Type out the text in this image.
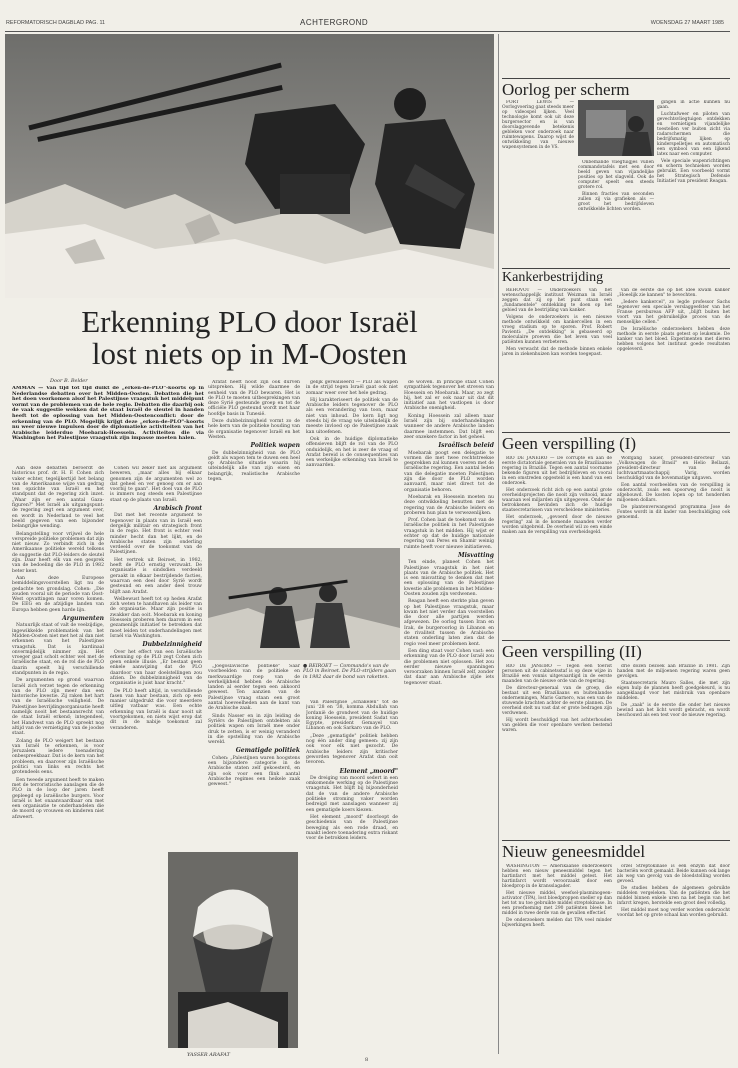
REFORMATORISCH DAGBLAD PAG. 11	ACHTERGROND	WOENSDAG 27 MAART 1985
Erkenning PLO door Israël
lost niets op in M-Oosten
Door B. Belder
AMMAN — Van tijd tot tijd duikt de „erken-de-PLO"-koorts op in Nederlandse debatten over het Midden-Oosten. Debatten die het het doen voorkomen alsof het Palestijnse vraagstuk het middelpunt vormt van de problemen van de hele regio. Debatten die daarbij ook de vaak suggestie wekken dat de staat Israël de sleutel in handen heeft tot de oplossing van het Midden-Oostenconflict: door de erkenning van de PLO. Mogelijk krijgt deze „erken-de-PLO"-koorts nu weer nieuwe impulsen door de diplomatieke activiteiten van het Arabische leiderduo Moebarak-Hoessein. Activiteiten die via Washington het Palestijnse vraagstuk zijn impasse moeten halen.

Aan deze debatten beroerdt de historicus prof. dr. H. F. Cohen zich vaker echter, tegelijkertijd het belang van de Amerikaanse wijze van gedrag ten opzichte van Israël en het standpunt dat de regering zich inzet. „Waar zijn er een aantal Gaza-figuren?" Met Israël als uitgangspunt: de regering zegt een argument over, en wordt in Nederland te veel het beeld gegeven van een bijzonder belangrijke wending.

Belangstelling voor vrijwel de hele verspreide politieke problemen dat zijn niet nieuw. Zo verbindt zich in de Amerikaanse politieke wereld telkens de suggestie dat PLO-leiders de sleutel zijn. Daar heeft elk van een gesprek van de bedoeling die de PLO in 1982 beter kent.

Aan deze Europese bemiddelingsvoorstellen ligt nu de gedachte ten grondslag. Cohen: „Die zouden vooral uit de periode van Oost-West opvattingen naar voren komen. De EEG en de afzijdige landen van Europa hebben geen harde lijn.

Argumenten

Natuurlijk staat of valt de veelzijdige, ingewikkelde problematiek van het Midden-Oosten niet met het al dan niet erkennen van het Palestijnse vraagstuk. Dat is kardinaal onvermijdelijk nimmer zijn. Het vroeger gaat scholt echter wel met de Israëlische staat, en de rol die de PLO daarin speelt bij verschillende standpunten in de regio.

De argumenten op grond waarvan Israël zich verzet tegen de erkenning van de PLO zijn meer dan een historische kwestie. Zij raken het hart van de Israëlische veiligheid. De Palestijnse bevrijdingsorganisatie heeft namelijk nooit het bestaansrecht van de staat Israël erkend; integendeel, het Handvest van de PLO spreekt nog altijd van de vernietiging van de joodse staat.

Zolang de PLO weigert het bestaan van Israël te erkennen, is voor Jeruzalem iedere toenadering onbespreekbaar. Dat is de kern van het probleem, en daarover zijn Israëlische politici van links en rechts het grotendeels eens.

Een tweede argument heeft te maken met de terroristische aanslagen die de PLO in de loop der jaren heeft gepleegd op Israëlische burgers. Voor Israël is het onaanvaardbaar om met een organisatie te onderhandelen die de moord op vrouwen en kinderen niet afzweert.

Cohen wil zeker niet als argument beweren, „maar alles bij elkaar genomen zijn de argumenten wel zo dat geheel en ver genoeg om er aan voorbij te gaan". Het doel van de PLO is immers nog steeds een Palestijnse staat op de plaats van Israël.

Arabisch front

Dat met het recente argument te tegenover in plaats van in Israël een dergelijk militair en strategisch front in de regio. Het front is echter veel minder hecht dan het lijkt, en de Arabische staten zijn onderling verdeeld over de toekomst van de Palestijnen.

Het vertrek uit Beiroet, in 1982, heeft de PLO ernstig verzwakt. De organisatie is sindsdien verdeeld geraakt in elkaar bestrijdende facties, waarvan een deel door Syrië wordt gesteund en een ander deel trouw blijft aan Arafat.

Welbewust heeft tot op heden Arafat zich weten te handhaven als leider van de organisatie. Maar zijn positie is zwakker dan ooit. Moebarak en koning Hoessein proberen hem daarom in een gezamenlijk initiatief te betrekken dat moet leiden tot onderhandelingen met Israël via Washington.

Dubbelzinnigheid

Over het effect van een Israëlische erkenning op de PLO zegt Cohen zich geen enkele illusie. „Er bestaat geen enkele aanwijzing dat de PLO daardoor van haar doelstellingen zou afzien. De dubbelzinnigheid van de organisatie is juist haar kracht."

De PLO heeft altijd, in verschillende fasen van haar bestaan, zich op een manier uitgedrukt die voor meerdere uitleg vatbaar was. Een echte erkenning van Israël is daar nooit uit voortgekomen, en niets wijst erop dat dit in de nabije toekomst zal veranderen.

Arafat heeft nooit zijn ook durven uitspreken. Hij wilde daarmee de eenheid van de PLO bewaren. Het is de PLO te moeten uitbesprekingen van deze Syrië gesteunde groep en tot de officiële PLO gesteund wordt met haar hoofdje basis in Tunesië.

Deze dubbelzinnigheid vormt zo de hele kern van de politieke houding van de organisatie tegenover Israël en het Westen.

Politiek wapen

De dubbelzinnigheid van de PLO geldt als wapen tem te duwen een heel op Arabische situatie waarin hij uiteindelijk alle van zijn eisen en belangrijk, realistische Arabische tegen.

● BEIROET — Commando's van de PLO in Beiroet. De PLO-strijders gaan in 1982 daar de bond van raketten.

„Joegoslavische politieke" Saar voorbeelden van de politieke en merkwaardige roep van de werkelijkheid hebben de Arabische landen al eerder tegen een akkoord geweest. Ten aanzien van de Palestijnse vraag staan een groot aantal hoeveelheden aan de kant van de Arabische zaak.

Sinds Nasser en in zijn leiding de Syriërs de Palestijnen ontdekten als politiek wapen om Israël mee onder druk te zetten, is er weinig veranderd in die opstelling van de Arabische wereld.

Gematigde politiek

Cohen: „Palestijnen waren hoogstens een bijzondere categorie in de Arabische staten zelf gekoesterd, en zijn ook voor een flink aantal Arabische regimes een heikele zaak geweest."

YASSER ARAFAT

gelijk gerealiseerd — PLO als wapen in de strijd tegen Israël gaat ook niet zomaar weer over het hele gedrag.

Hij karakteriseert de politiek van de Arabische leiders tegenover de PLO als een verandering van toon, maar niet van inhoud. De kern ligt nog steeds bij de vraag wie uiteindelijk de meeste invloed op de Palestijnse zaak kan uitoefenen.

Ook in de huidige diplomatieke offensieven blijft de rol van de PLO onduidelijk, en het is zeer de vraag of Arafat bereid is de consequenties van een werkelijke erkenning van Israël te aanvaarden.

Van Palestijnse „schakelen" tot de juni '28 en '38, komma Abdullah van Jordanië de grondwet van de huidige koning Hoessein, president Sadat van Egypte, president Gemayel van Libanon en ook Sarkaro van de PLO.

„Deze „gematigde" politiek hebben nog één ander ding gemeen: zij zijn ook voor elk niet gezocht. De Arabische leiders zijn kritischer geworden tegenover Arafat dan ooit tevoren.

Element „moord"

De dreiging van moord sedert in een omkomende werking op de Palestijnse vraagstuk. Het blijft bij bijzonderheid dat de van de andere Arabische politieke stroming vaker worden bedreigd met aanslagen wanneer zij een gematigde koers kiezen.

Het element „moord" doorloopt de geschiedenis van de Palestijnse beweging als een rode draad, en maakt iedere toenadering extra riskant voor de betrokken leiders.

de wolven. In principe staat Cohen sympathiek tegenover het streven van Hoessein en Moebarak. Maar, zo zegt hij, het zal er ook naar uit dat dit initiatief aan het vastlopen is door Arabische onenigheid.

Koning Hoessein zal alleen naar Israël zijn bij onderhandelingen wanneer de andere Arabische landen daarmee instemmen. Dat blijft een zeer onzekere factor in het geheel.

Israëlisch beleid

Moebarak poogt een delegatie te vormen die met twee rechtstreekse gesprekken zal kunnen voeren met de Israëlische regering. Een aantal leden van die delegatie moeten Palestijnen zijn die door de PLO worden aanvaard, maar niet direct tot de organisatie behoren.

Moebarak en Hoessein moeten nu deze ontwikkeling benutten met de regering van de Arabische leiders en proberen hun plan te verwezenlijken.

Prof. Cohen laat de toekomst van de Israëlische politiek in het Palestijnse vraagstuk in het midden. Hij wijst er echter op dat de huidige nationale regering van Peres en Shamir weinig ruimte heeft voor nieuwe initiatieven.

Misvatting

Ten einde, planeet Cohen het Palestijnse vraagstuk in het niet plaats van de Arabische politiek. Het is een misvatting te denken dat met een oplossing van de Palestijnse kwestie alle problemen in het Midden-Oosten zouden zijn verdwenen.

Reagan heeft een sterkte plan geven op het Palestijnse vraagstuk, maar kwam het niet verder dan voorstellen die door alle partijen werden afgewezen. De oorlog tussen Iran en Irak, de burgeroorlog in Libanon en de rivaliteit tussen de Arabische staten onderling laten zien dat de regio veel meer problemen kent.

Een ding staat voor Cohen vast: een erkenning van de PLO door Israël zou die problemen niet oplossen. Het zou eerder nieuwe spanningen veroorzaken binnen Israël zelf, zonder dat daar aan Arabische zijde iets tegenover staat.

Oorlog per scherm

FORT LEWIS — Oorlogvoering gaat steeds meer op videospel lijken. Veel technologie komt ook uit deze burgersector en is van doorslaggevende betekenis gebleken voor onderzoek naar ruimtewapens. Daarop wijst de ontwikkeling van nieuwe wapensystemen in de VS.

Onbemande vliegtuigjes vullen commandotafels met een door beeld geven van vijandelijke posities op het slagveld. Ook de computer speelt een steeds grotere rol.

Binnen fracties van seconden zullen zij via grafieken als — groot het bedrijfsleven ontwikkelde lichten worden.

gingen in actie kunnen nu gaan.

Luchtafweer en piloten van gevechtsvliegtuigen ontdekken en vernietigen vijandelijke toestellen ver buiten zicht via radarschermen die bedrijfsmatig lijken op kinderspelletjes en automatisch een symbool van een lijkend latex naar een computer.

Vele speciale wapenrichtingen en scherm technieken worden gebruikt. Een voorbeeld vormt het Strategisch Defensie Initiatief van president Reagan.

Kankerbestrijding

REHOVOT — Onderzoekers van het wetenschappelijk instituut Weizman in Israël zeggen dat zij op het punt staan een „fundamentele" ontdekking te doen op het gebied van de bestrijding van kanker.

Volgens de onderzoekers is een nieuwe methode ontwikkeld om kankercellen in een vroeg stadium op te sporen. Prof. Robert Pavienti: „De ontdekking" is gebaseerd op moleculaire proeven die het leven van veel patiënten kunnen verbeteren.

Men verwacht dat de methode binnen enkele jaren in ziekenhuizen kan worden toegepast.

van de eerste die op het idee kwam kanker „Hoeelijk zie kannen" te bevechten.

„Iedere kankercel", zo legde professor Sachs tegenover een speciale verslaggeefster van het Franse persbureau AFP uit, „blijft buiten het voort van het gebruikelijke proces van de menselijke cellen."

De Israëlische onderzoekers hebben deze methode in eerste plaats getest op leukemie. De kanker van het bloed. Experimenten met dieren hebben volgens het instituut goede resultaten opgeleverd.

Geen verspilling (I)

RIO DE JANEIRO — De corrupte en aan de eerste dictatoriale generalen van de Braziliaanse regering in Brazilië. Tegen een aantal voorname bekende figuren uit het bedrijfsleven en vooral in een omstreden opgesteld is een hand van een onderzoek.

Het onderzoek richt zich op een aantal grote overheidsprojecten die nooit zijn voltooid, maar waaraan wel miljarden zijn uitgegeven. Onder de betrokkenen bevinden zich de huidige staatsecretarissen van verscheidene ministeries.

Het onderzoek, „gevoerd door de nieuwe regering" zal in de komende maanden verder worden uitgebreid. De overheid wil zo een einde maken aan de verspilling van overheidsgeld.

Wolfgang Sauer, president-directeur van „Volkswagen do Brasil" en Helio Bellazzi, president-directeur van de luchtvaartmaatschappij Varig, worden beschuldigd van de bovenmatige uitgaven.

Een aantal voorbeelden van de verspilling is onderzocht, zoals een spoorweg die nooit is afgebouwd. De kosten lopen op tot honderden miljoenen dollars.

De plantenverwangend programma Jose de Fontes wordt in dit kader van beschuldiging ook genoemd.

Geen verspilling (II)

RIO DE JANEIRO — Tegen een toerist personen uit de cabinetsstaf is op deze wijze in Brazilië een vonnis uitgevaardigd in de eerste maanden van de nieuwe orde van de regering.

De directeur-generaal van de groep, die bestaat uit een Braziliaans en buitenlandse ondernemingen, Mario Garnero, was een van de stuwende krachten achter de eerste plannen. De overheid stelt nu vast dat er grote bedragen zijn verdwenen.

Hij wordt beschuldigd van het achterhouden van gelden die voor openbare werken bestemd waren.

drie dozen bezoek aan Brazilië in 1981. Zijn handen met de miljoenen regering waren geen gevolgen.

Staatssecretaris Mauro Salles, die met zijn eigen hulp de plannen heeft goedgekeurd, is nu aangeklaagd voor het misbruik van openbare middelen.

De „zaak" is de eerste die onder het nieuwe bewind aan het licht wordt gebracht, en wordt beschouwd als een test voor de nieuwe regering.

Nieuw geneesmiddel

WASHINGTON — Amerikaanse onderzoekers hebben een nieuw geneesmiddel tegen het hartinfarct met het middel getest. Het hartinfarct wordt veroorzaakt door een bloedprop in de kransslagader.

Het nieuwe middel, weefsel-plasminogeen-activator (TPA), lost bloedproppen sneller op dan het tot nu toe gebruikte middel streptokinase. In een proefneming met 290 patiënten bleek het middel in twee derde van de gevallen effectief.

De onderzoekers melden dat TPA veel minder bijwerkingen heeft.

orzel Streptokinase is een enzym dat door bacteriën wordt gemaakt. Beide kunnen ook lange als weg van gevolg van de bloedstolling worden gevoed.

De studies hebben de algemeen gebruikte middelen vergeleken. Van de patiënten die het middel binnen enkele uren na het begin van het infarct kregen, herstelde een groot deel volledig.

Het middel moet nog verder worden onderzocht voordat het op grote schaal kan worden gebruikt.

8
